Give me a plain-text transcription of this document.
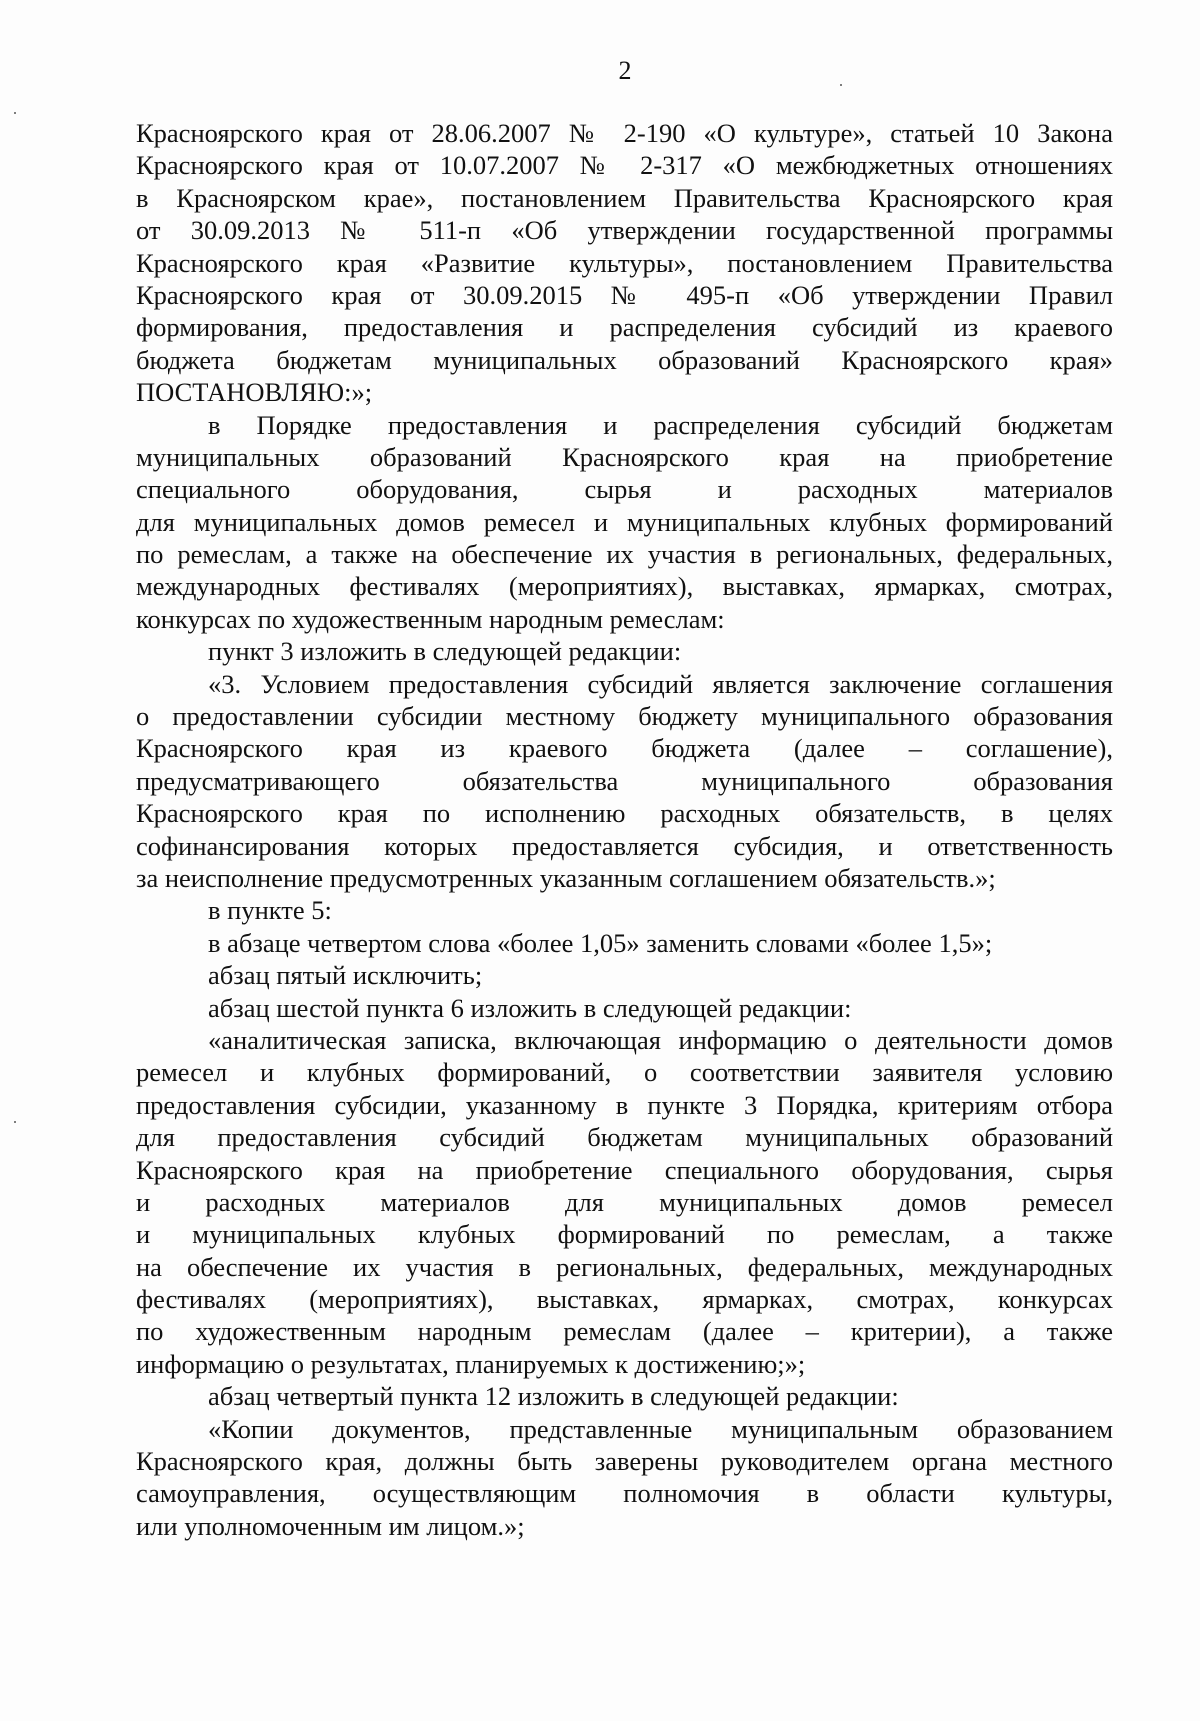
2
Красноярского края от 28.06.2007 № 2-190 «О культуре», статьей 10 Закона
Красноярского края от 10.07.2007 № 2-317 «О межбюджетных отношениях
в Красноярском крае», постановлением Правительства Красноярского края
от 30.09.2013 № 511-п «Об утверждении государственной программы
Красноярского края «Развитие культуры», постановлением Правительства
Красноярского края от 30.09.2015 № 495-п «Об утверждении Правил
формирования, предоставления и распределения субсидий из краевого
бюджета бюджетам муниципальных образований Красноярского края»
ПОСТАНОВЛЯЮ:»;
в Порядке предоставления и распределения субсидий бюджетам
муниципальных образований Красноярского края на приобретение
специального оборудования, сырья и расходных материалов
для муниципальных домов ремесел и муниципальных клубных формирований
по ремеслам, а также на обеспечение их участия в региональных, федеральных,
международных фестивалях (мероприятиях), выставках, ярмарках, смотрах,
конкурсах по художественным народным ремеслам:
пункт 3 изложить в следующей редакции:
«3. Условием предоставления субсидий является заключение соглашения
о предоставлении субсидии местному бюджету муниципального образования
Красноярского края из краевого бюджета (далее – соглашение),
предусматривающего обязательства муниципального образования
Красноярского края по исполнению расходных обязательств, в целях
софинансирования которых предоставляется субсидия, и ответственность
за неисполнение предусмотренных указанным соглашением обязательств.»;
в пункте 5:
в абзаце четвертом слова «более 1,05» заменить словами «более 1,5»;
абзац пятый исключить;
абзац шестой пункта 6 изложить в следующей редакции:
«аналитическая записка, включающая информацию о деятельности домов
ремесел и клубных формирований, о соответствии заявителя условию
предоставления субсидии, указанному в пункте 3 Порядка, критериям отбора
для предоставления субсидий бюджетам муниципальных образований
Красноярского края на приобретение специального оборудования, сырья
и расходных материалов для муниципальных домов ремесел
и муниципальных клубных формирований по ремеслам, а также
на обеспечение их участия в региональных, федеральных, международных
фестивалях (мероприятиях), выставках, ярмарках, смотрах, конкурсах
по художественным народным ремеслам (далее – критерии), а также
информацию о результатах, планируемых к достижению;»;
абзац четвертый пункта 12 изложить в следующей редакции:
«Копии документов, представленные муниципальным образованием
Красноярского края, должны быть заверены руководителем органа местного
самоуправления, осуществляющим полномочия в области культуры,
или уполномоченным им лицом.»;
